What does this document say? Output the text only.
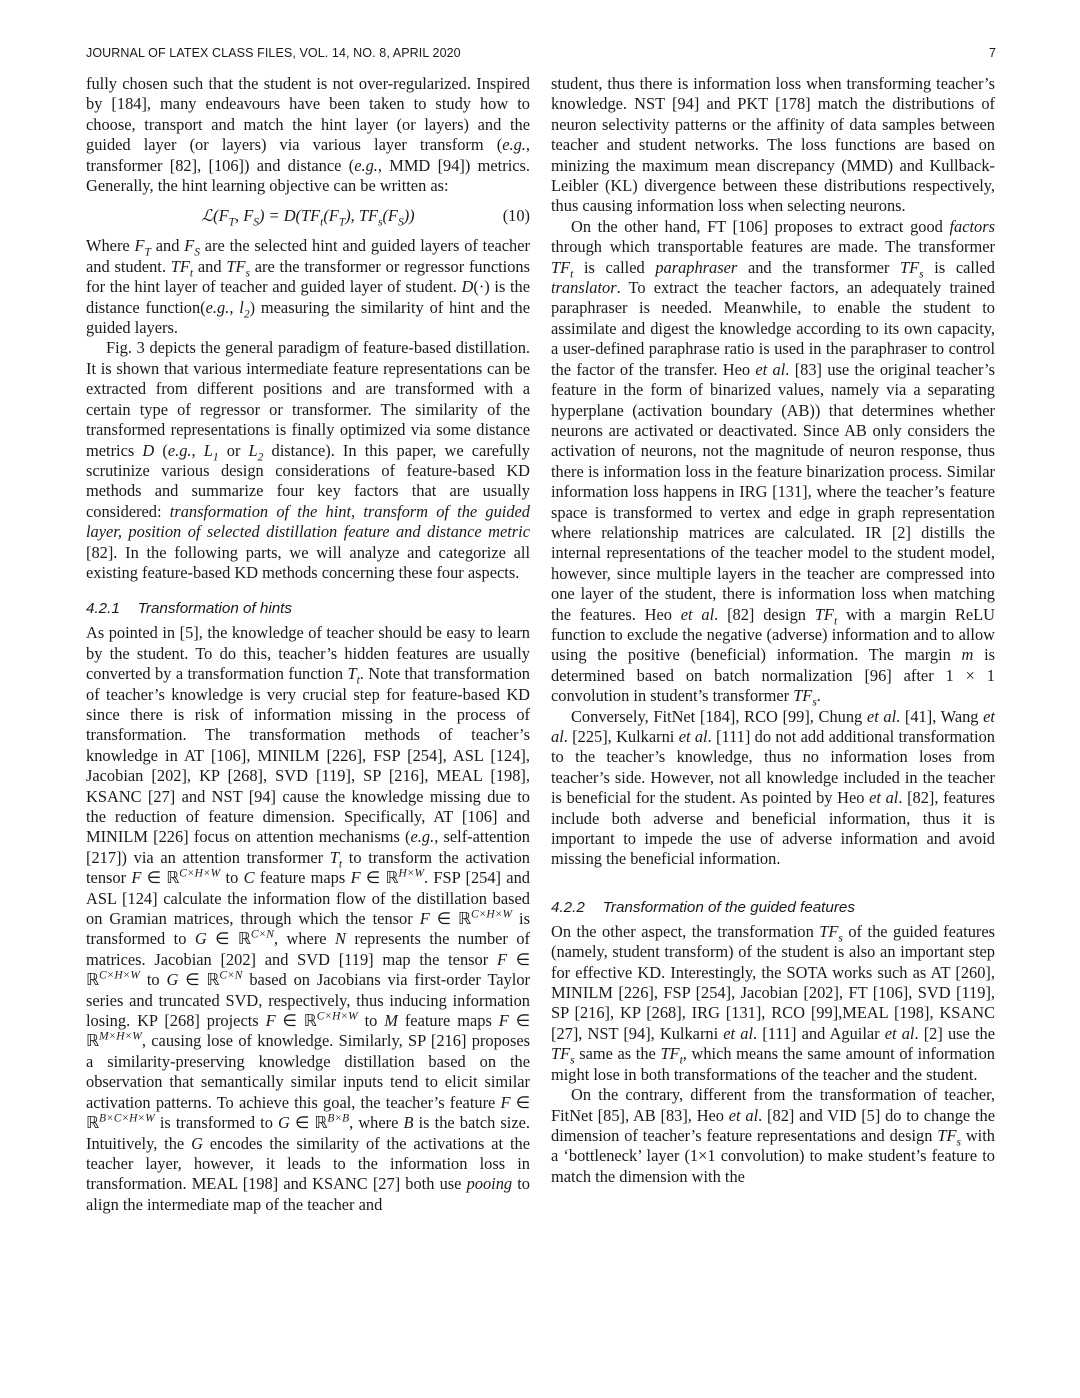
JOURNAL OF LATEX CLASS FILES, VOL. 14, NO. 8, APRIL 2020	7

fully chosen such that the student is not over-regularized. Inspired by [184], many endeavours have been taken to study how to choose, transport and match the hint layer (or layers) and the guided layer (or layers) via various layer transform (e.g., transformer [82], [106]) and distance (e.g., MMD [94]) metrics. Generally, the hint learning objective can be written as:

$ℒ(F_T$, $F_S) = D(TF_t(F_T)$, $TF_s(F_S)$)	(10)

Where $F_T$ and $F_S$ are the selected hint and guided layers of teacher and student. $TF_t$ and $TF_s$ are the transformer or regressor functions for the hint layer of teacher and guided layer of student. D(·) is the distance function(e.g., $l_2$) measuring the similarity of hint and the guided layers.

Fig. 3 depicts the general paradigm of feature-based distillation. It is shown that various intermediate feature representations can be extracted from different positions and are transformed with a certain type of regressor or transformer. The similarity of the transformed representations is finally optimized via some distance metrics D (e.g., $L_1$ or $L_2$ distance). In this paper, we carefully scrutinize various design considerations of feature-based KD methods and summarize four key factors that are usually considered: transformation of the hint, transform of the guided layer, position of selected distillation feature and distance metric [82]. In the following parts, we will analyze and categorize all existing feature-based KD methods concerning these four aspects.

4.2.1 Transformation of hints

As pointed in [5], the knowledge of teacher should be easy to learn by the student. To do this, teacher’s hidden features are usually converted by a transformation function $T_t$. Note that transformation of teacher’s knowledge is very crucial step for feature-based KD since there is risk of information missing in the process of transformation. The transformation methods of teacher’s knowledge in AT [106], MINILM [226], FSP [254], ASL [124], Jacobian [202], KP [268], SVD [119], SP [216], MEAL [198], KSANC [27] and NST [94] cause the knowledge missing due to the reduction of feature dimension. Specifically, AT [106] and MINILM [226] focus on attention mechanisms (e.g., self-attention [217]) via an attention transformer $T_t$ to transform the activation tensor F ∈ ℝ$^{C\times H\times W}$ to C feature maps F ∈ ℝ$^{H\times W}$. FSP [254] and ASL [124] calculate the information flow of the distillation based on Gramian matrices, through which the tensor F ∈ ℝ$^{C\times H\times W}$ is transformed to G ∈ ℝ$^{C\times N}$, where N represents the number of matrices. Jacobian [202] and SVD [119] map the tensor F ∈ ℝ$^{C\times H\times W}$ to G ∈ ℝ$^{C\times N}$ based on Jacobians via first-order Taylor series and truncated SVD, respectively, thus inducing information losing. KP [268] projects F ∈ ℝ$^{C\times H\times W}$ to M feature maps F ∈ ℝ$^{M\times H\times W}$, causing lose of knowledge. Similarly, SP [216] proposes a similarity-preserving knowledge distillation based on the observation that semantically similar inputs tend to elicit similar activation patterns. To achieve this goal, the teacher’s feature F ∈ ℝ$^{B\times C\times H\times W}$ is transformed to G ∈ ℝ$^{B\times B}$, where B is the batch size. Intuitively, the G encodes the similarity of the activations at the teacher layer, however, it leads to the information loss in transformation. MEAL [198] and KSANC [27] both use pooing to align the intermediate map of the teacher and

student, thus there is information loss when transforming teacher’s knowledge. NST [94] and PKT [178] match the distributions of neuron selectivity patterns or the affinity of data samples between teacher and student networks. The loss functions are based on minizing the maximum mean discrepancy (MMD) and Kullback-Leibler (KL) divergence between these distributions respectively, thus causing information loss when selecting neurons.

On the other hand, FT [106] proposes to extract good factors through which transportable features are made. The transformer $TF_t$ is called paraphraser and the transformer $TF_s$ is called translator. To extract the teacher factors, an adequately trained paraphraser is needed. Meanwhile, to enable the student to assimilate and digest the knowledge according to its own capacity, a user-defined paraphrase ratio is used in the paraphraser to control the factor of the transfer. Heo et al. [83] use the original teacher’s feature in the form of binarized values, namely via a separating hyperplane (activation boundary (AB)) that determines whether neurons are activated or deactivated. Since AB only considers the activation of neurons, not the magnitude of neuron response, thus there is information loss in the feature binarization process. Similar information loss happens in IRG [131], where the teacher’s feature space is transformed to vertex and edge in graph representation where relationship matrices are calculated. IR [2] distills the internal representations of the teacher model to the student model, however, since multiple layers in the teacher are compressed into one layer of the student, there is information loss when matching the features. Heo et al. [82] design $TF_t$ with a margin ReLU function to exclude the negative (adverse) information and to allow using the positive (beneficial) information. The margin m is determined based on batch normalization [96] after 1 × 1 convolution in student’s transformer $TF_s$.

Conversely, FitNet [184], RCO [99], Chung et al. [41], Wang et al. [225], Kulkarni et al. [111] do not add additional transformation to the teacher’s knowledge, thus no information loses from teacher’s side. However, not all knowledge included in the teacher is beneficial for the student. As pointed by Heo et al. [82], features include both adverse and beneficial information, thus it is important to impede the use of adverse information and avoid missing the beneficial information.

4.2.2 Transformation of the guided features

On the other aspect, the transformation $TF_s$ of the guided features (namely, student transform) of the student is also an important step for effective KD. Interestingly, the SOTA works such as AT [260], MINILM [226], FSP [254], Jacobian [202], FT [106], SVD [119], SP [216], KP [268], IRG [131], RCO [99],MEAL [198], KSANC [27], NST [94], Kulkarni et al. [111] and Aguilar et al. [2] use the $TF_s$ same as the $TF_t$, which means the same amount of information might lose in both transformations of the teacher and the student.

On the contrary, different from the transformation of teacher, FitNet [85], AB [83], Heo et al. [82] and VID [5] do to change the dimension of teacher’s feature representations and design $TF_s$ with a ‘bottleneck’ layer (1×1 convolution) to make student’s feature to match the dimension with the
